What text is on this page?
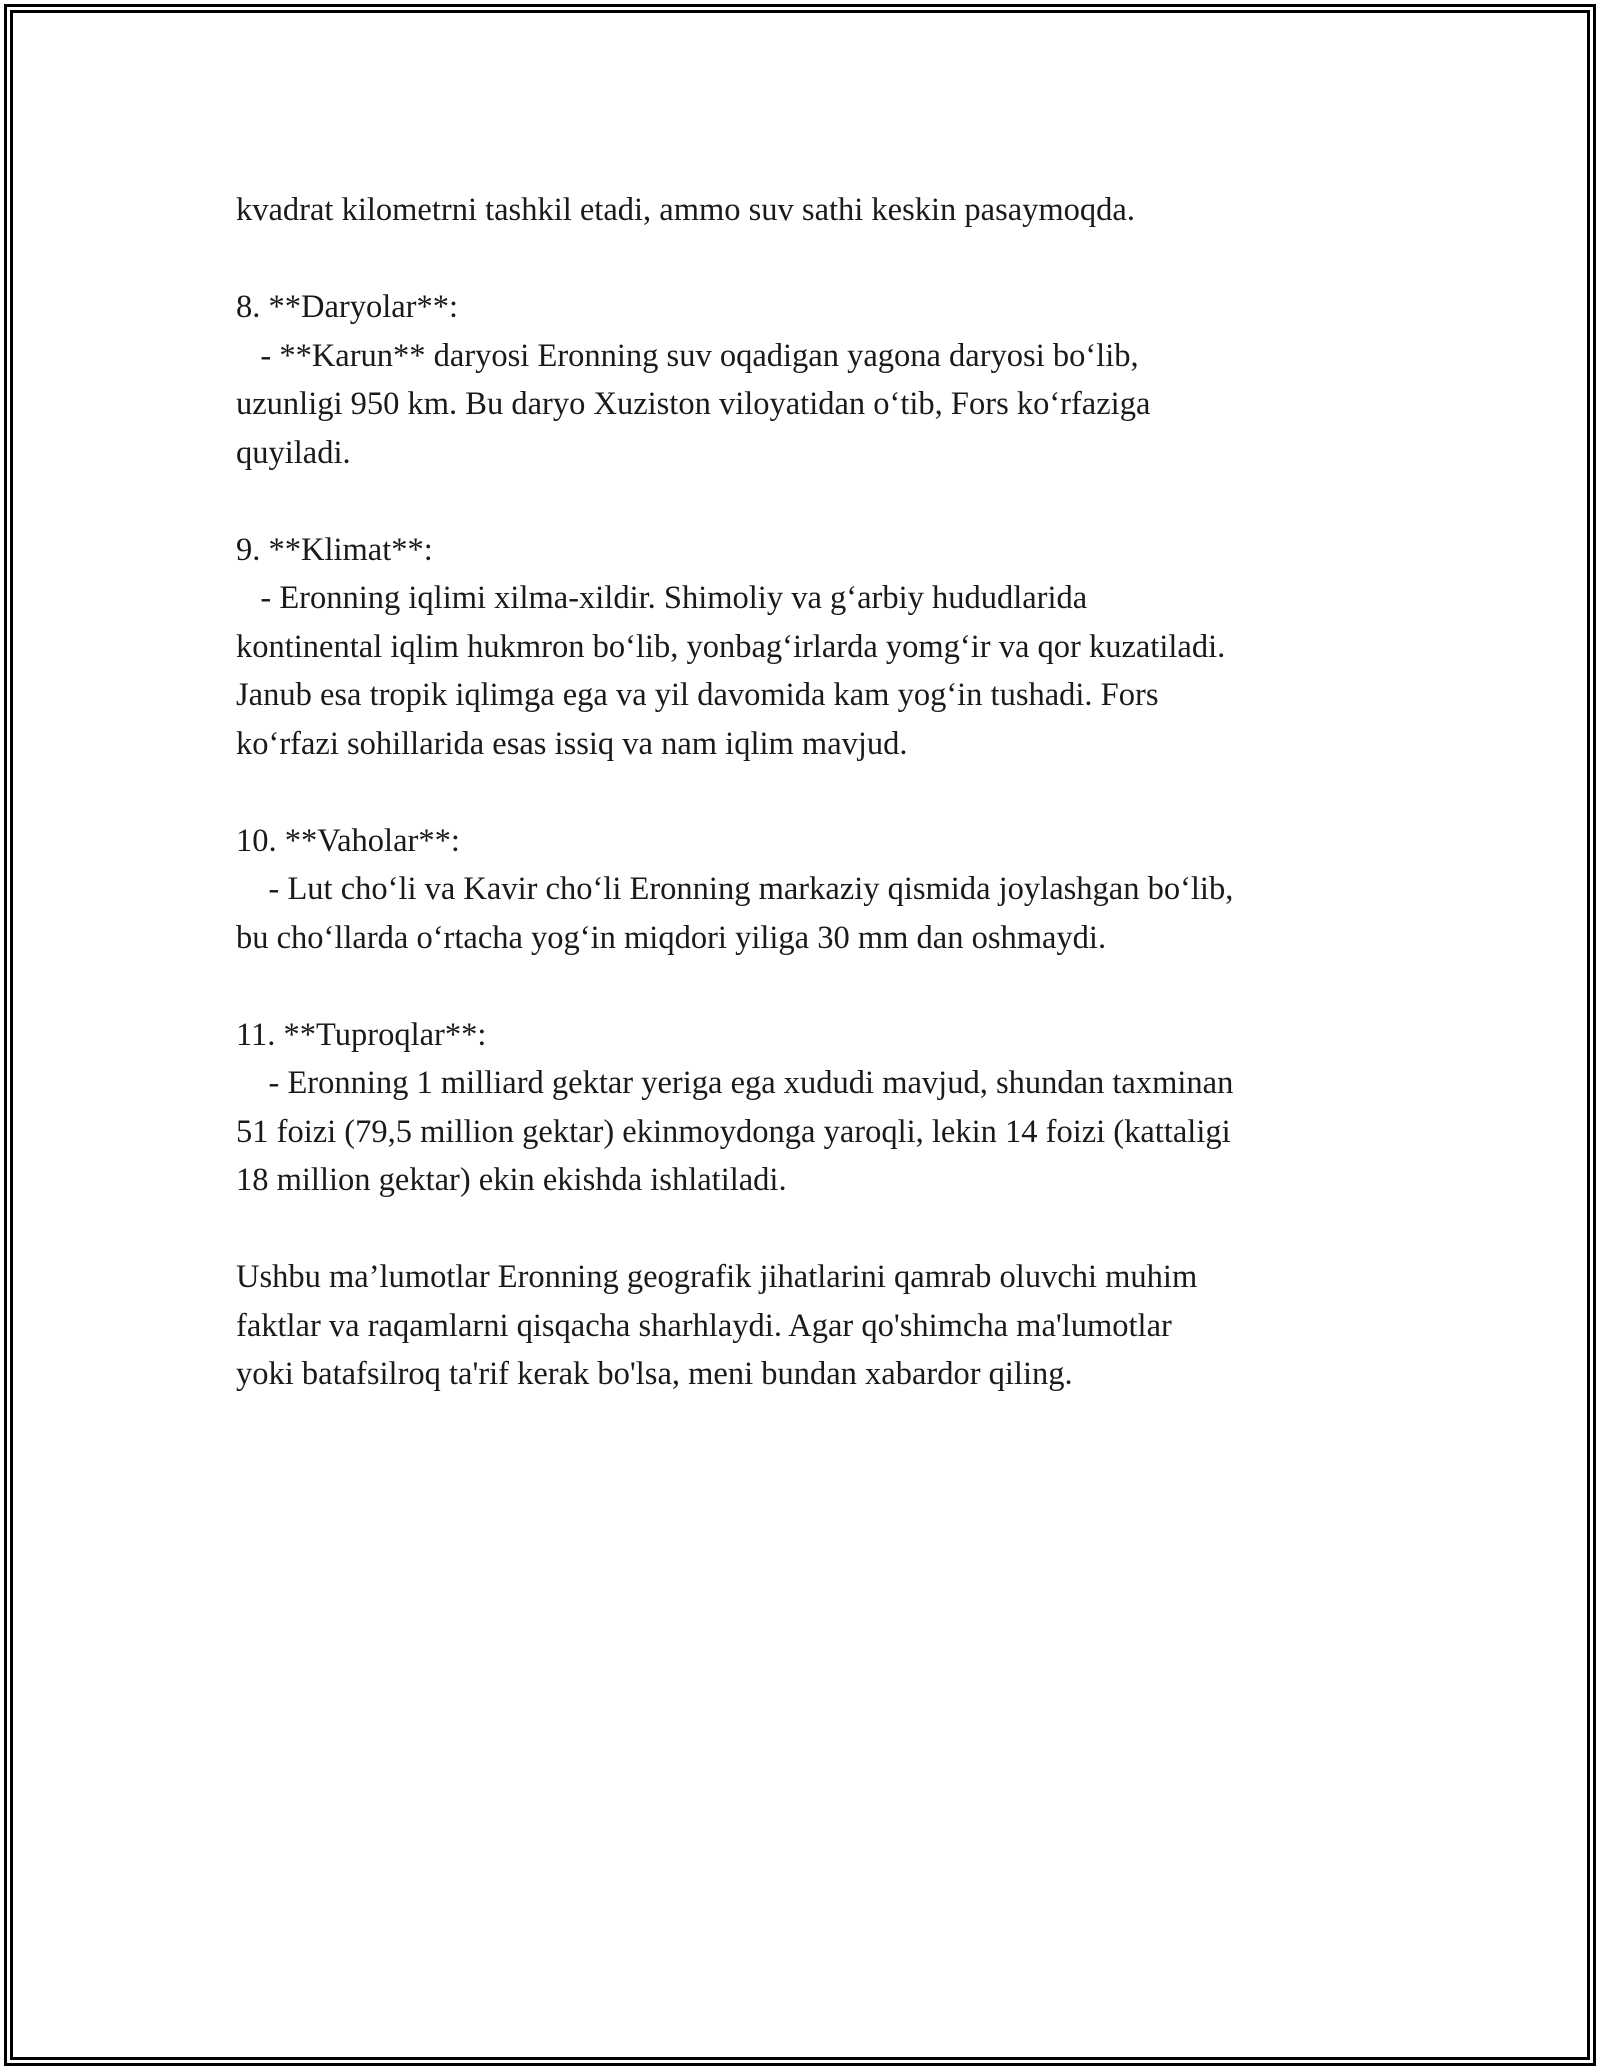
kvadrat kilometrni tashkil etadi, ammo suv sathi keskin pasaymoqda.
8. **Daryolar**:
- **Karun** daryosi Eronning suv oqadigan yagona daryosi bo‘lib,
uzunligi 950 km. Bu daryo Xuziston viloyatidan o‘tib, Fors ko‘rfaziga
quyiladi.
9. **Klimat**:
- Eronning iqlimi xilma-xildir. Shimoliy va g‘arbiy hududlarida
kontinental iqlim hukmron bo‘lib, yonbag‘irlarda yomg‘ir va qor kuzatiladi.
Janub esa tropik iqlimga ega va yil davomida kam yog‘in tushadi. Fors
ko‘rfazi sohillarida esas issiq va nam iqlim mavjud.
10. **Vaholar**:
- Lut cho‘li va Kavir cho‘li Eronning markaziy qismida joylashgan bo‘lib,
bu cho‘llarda o‘rtacha yog‘in miqdori yiliga 30 mm dan oshmaydi.
11. **Tuproqlar**:
- Eronning 1 milliard gektar yeriga ega xududi mavjud, shundan taxminan
51 foizi (79,5 million gektar) ekinmoydonga yaroqli, lekin 14 foizi (kattaligi
18 million gektar) ekin ekishda ishlatiladi.
Ushbu ma’lumotlar Eronning geografik jihatlarini qamrab oluvchi muhim
faktlar va raqamlarni qisqacha sharhlaydi. Agar qo'shimcha ma'lumotlar
yoki batafsilroq ta'rif kerak bo'lsa, meni bundan xabardor qiling.
